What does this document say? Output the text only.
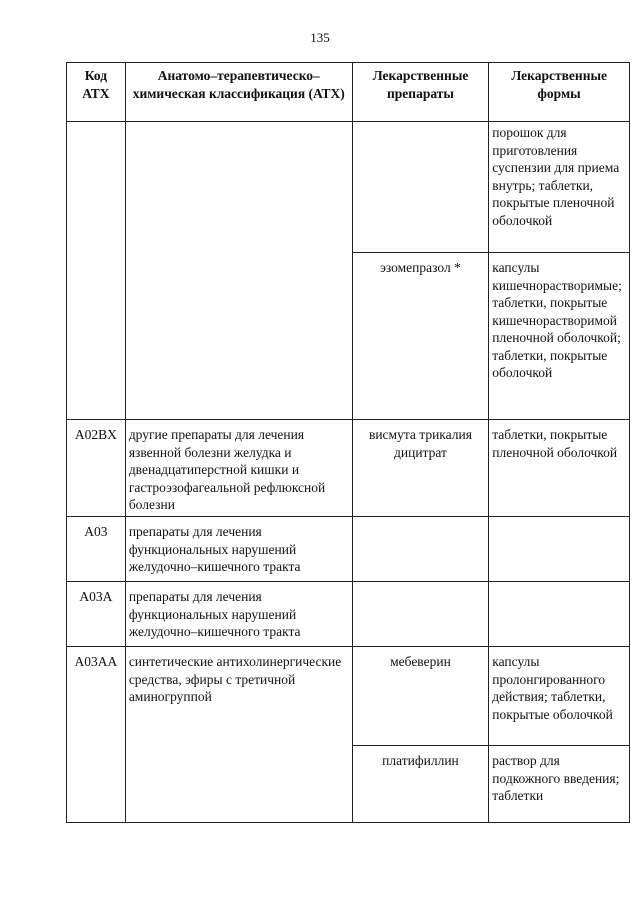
135
Код АТХ	Анатомо–терапевтическо–химическая классификация (АТХ)	Лекарственные препараты	Лекарственные формы
			порошок для приготовления суспензии для приема внутрь; таблетки, покрытые пленочной оболочкой
		эзомепразол *	капсулы кишечнорастворимые; таблетки, покрытые кишечнорастворимой пленочной оболочкой; таблетки, покрытые оболочкой
A02BX	другие препараты для лечения язвенной болезни желудка и двенадцатиперстной кишки и гастроэзофагеальной рефлюксной болезни	висмута трикалия дицитрат	таблетки, покрытые пленочной оболочкой
A03	препараты для лечения функциональных нарушений желудочно–кишечного тракта		
A03A	препараты для лечения функциональных нарушений желудочно–кишечного тракта		
A03AA	синтетические антихолинергические средства, эфиры с третичной аминогруппой	мебеверин	капсулы пролонгированного действия; таблетки, покрытые оболочкой
		платифиллин	раствор для подкожного введения; таблетки
